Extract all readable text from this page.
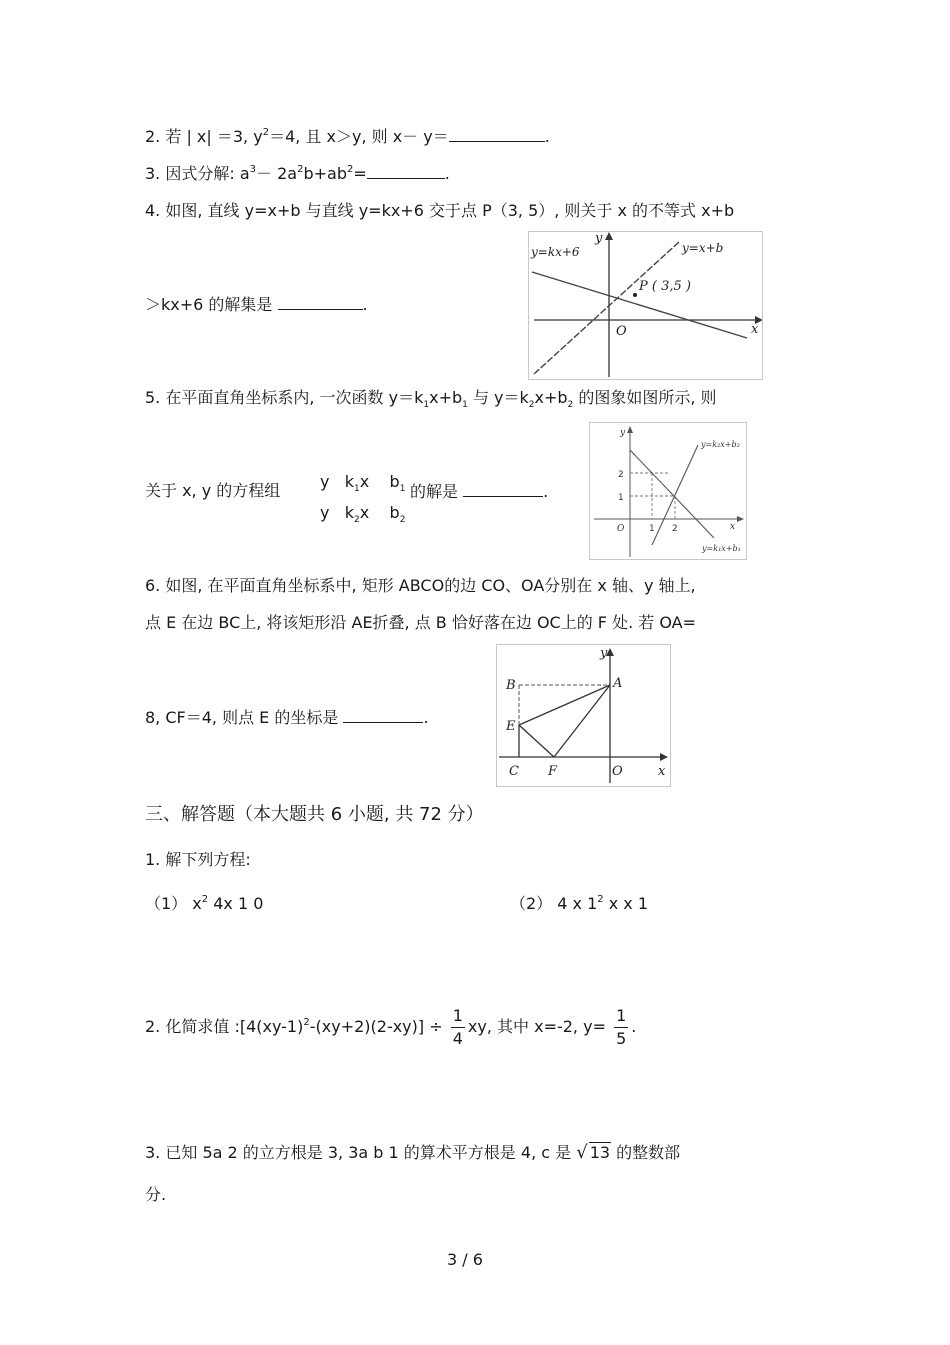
2. 若 | x| ＝3, $y^2=4$, 且 x＞y, 则 x－ y＝	.
3. 因式分解: $a^3- 2a^2b+ab^2=$	.
4. 如图, 直线 y=x+b 与直线 y=kx+6 交于点 P（3, 5）, 则关于 x 的不等式 x+b
＞kx+6 的解集是	.
y=kx+6	y=x+b
P ( 3,5 )
O	x
y
5. 在平面直角坐标系内, 一次函数 $y=k_1x+b_1$ 与 $y=k_2x+b_2$ 的图象如图所示, 则
关于 x, y 的方程组 y $k_1x$ $b_1$
y $k_2x$ $b_2$
的解是	.
y
x
O	1 2
1
2
y=k₂x+b₂
y=k₁x+b₁
6. 如图, 在平面直角坐标系中, 矩形 ABCO的边 CO、OA分别在 x 轴、y 轴上,
点 E 在边 BC上, 将该矩形沿 AE折叠, 点 B 恰好落在边 OC上的 F 处. 若 OA=
8, CF＝4, 则点 E 的坐标是	.
y
B	A
E
C F	O	x
三、解答题（本大题共 6 小题, 共 72 分）
1. 解下列方程:
（1） $x^2$ 4x 1 0	（2） 4 x $1^2$ x x 1
2. 化简求值 $:[4(xy-1)^2-(xy+2)(2-xy)] \div \frac{1}{4}$ xy, 其中 x=-2, $y= \frac{1}{5}$ .
3. 已知 5a 2 的立方根是 3, 3a b 1 的算术平方根是 4, c 是 √ 13 的整数部
分.
3 / 6
